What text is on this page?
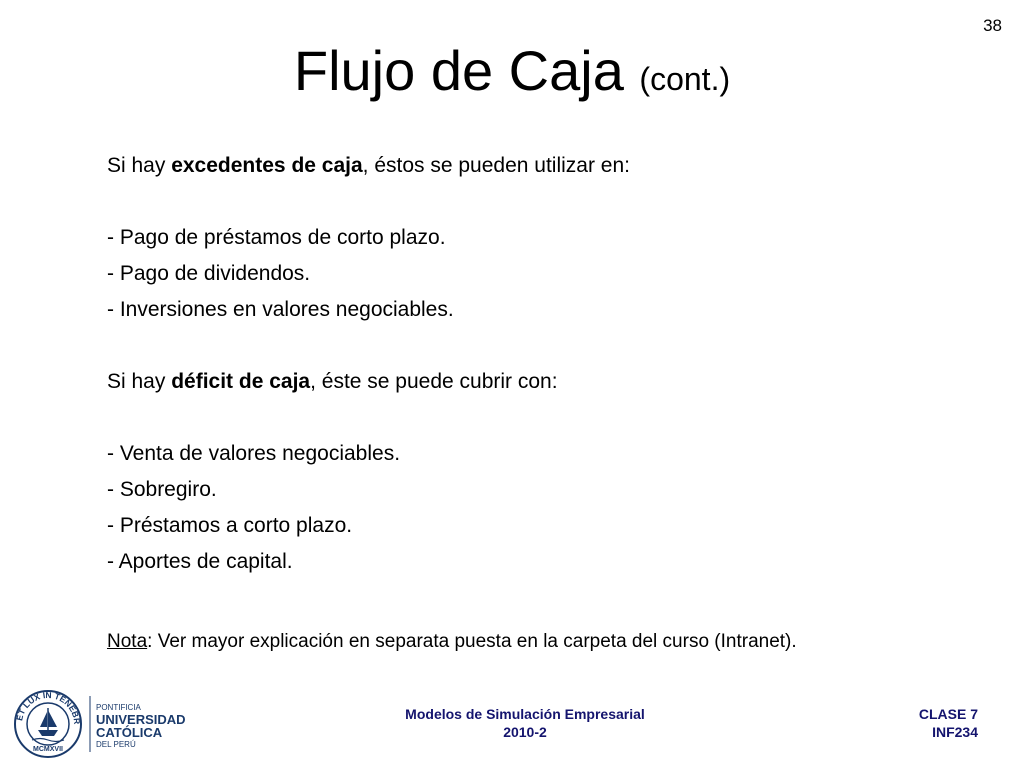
38
Flujo de Caja (cont.)
Si hay excedentes de caja, éstos se pueden utilizar en:
- Pago de préstamos de corto plazo.
- Pago de dividendos.
- Inversiones en valores negociables.
Si hay déficit de caja, éste se puede cubrir con:
- Venta de valores negociables.
- Sobregiro.
- Préstamos a corto plazo.
- Aportes de capital.
Nota: Ver mayor explicación en separata puesta en la carpeta del curso (Intranet).
ET LUX IN TENEBR
MCMXVII
PONTIFICIA
UNIVERSIDAD
CATÓLICA
DEL PERÚ
Modelos de Simulación Empresarial
2010-2
CLASE 7
INF234
